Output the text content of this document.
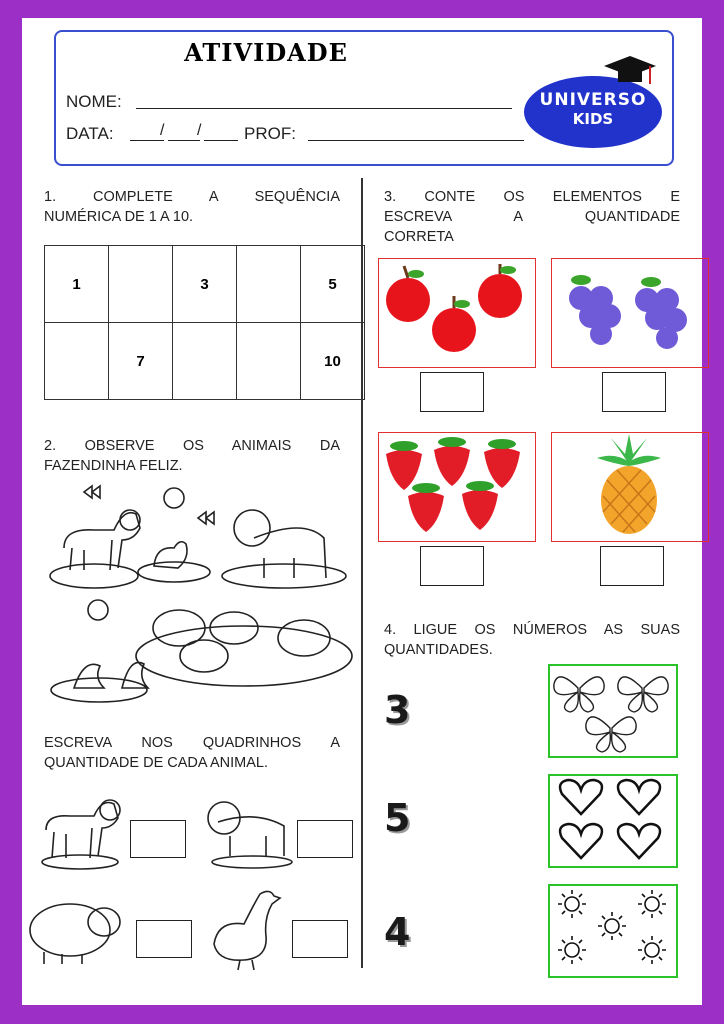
ATIVIDADE
NOME:
DATA:	/ /	PROF:
UNIVERSO
KIDS
1. COMPLETE A SEQUÊNCIA
NUMÉRICA DE 1 A 10.
1		3		5
	7			10
2. OBSERVE OS ANIMAIS DA
FAZENDINHA FELIZ.
ESCREVA NOS QUADRINHOS A
QUANTIDADE DE CADA ANIMAL.
3. CONTE OS ELEMENTOS E
ESCREVA A QUANTIDADE
CORRETA
4. LIGUE OS NÚMEROS AS SUAS
QUANTIDADES.
3
5
4
